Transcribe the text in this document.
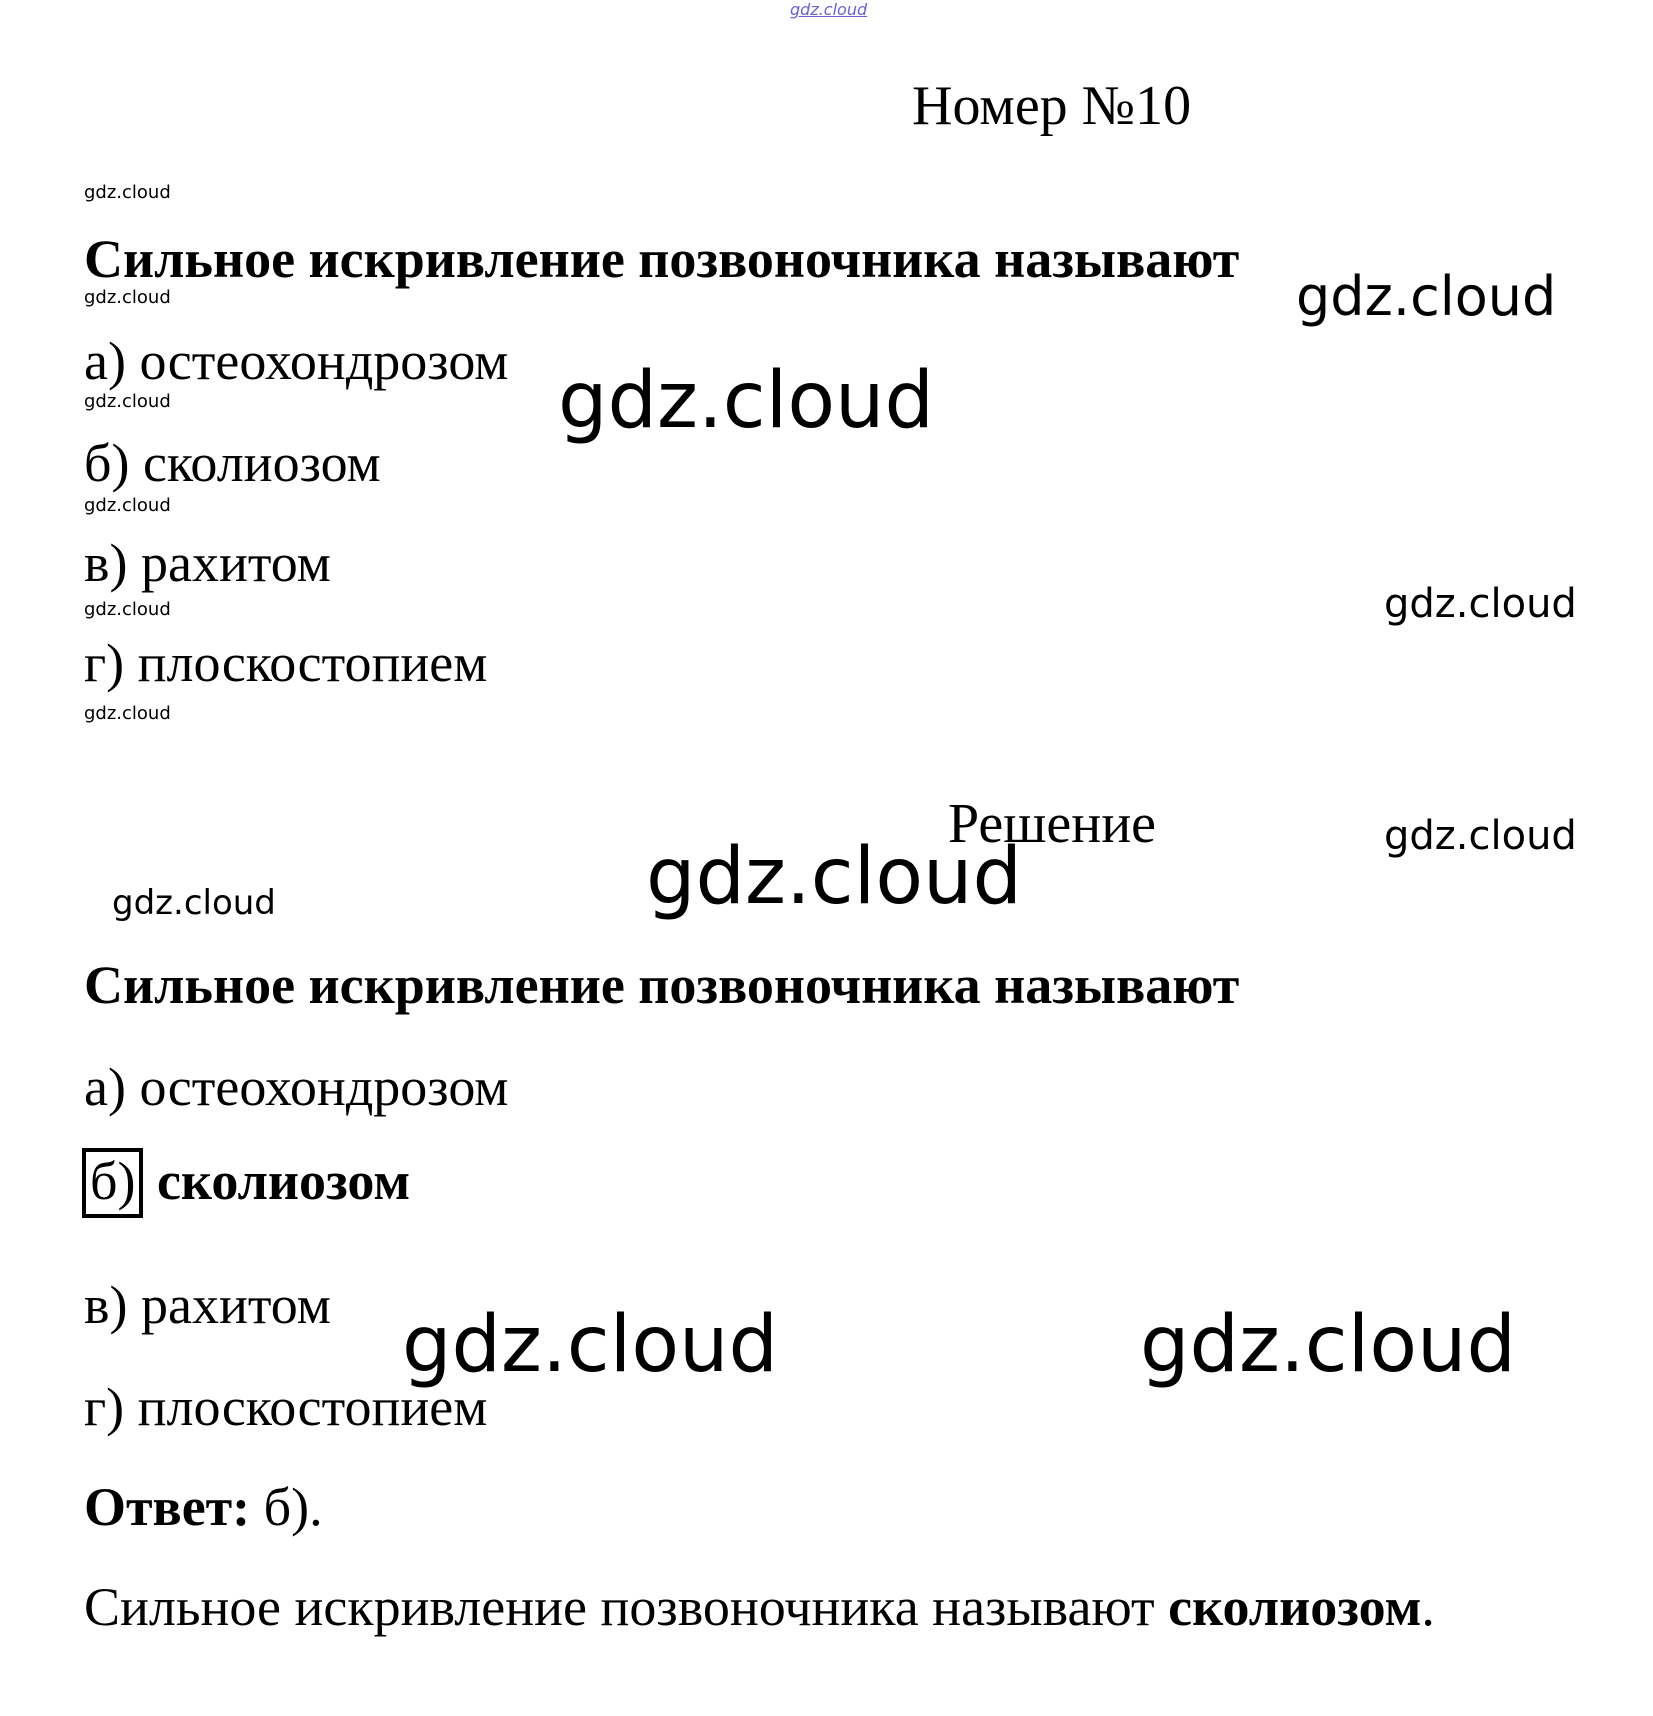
gdz.cloud
Номер №10
gdz.cloud
Сильное искривление позвоночника называют
gdz.cloud	gdz.cloud
а) остеохондрозом gdz.cloud
gdz.cloud
б) сколиозом
gdz.cloud
в) рахитом
gdz.cloud	gdz.cloud
г) плоскостопием
gdz.cloud
Решение	gdz.cloud
gdz.cloud
gdz.cloud
Сильное искривление позвоночника называют
а) остеохондрозом
б) сколиозом
в) рахитом gdz.cloud	gdz.cloud
г) плоскостопием
Ответ: б).
Сильное искривление позвоночника называют сколиозом.
